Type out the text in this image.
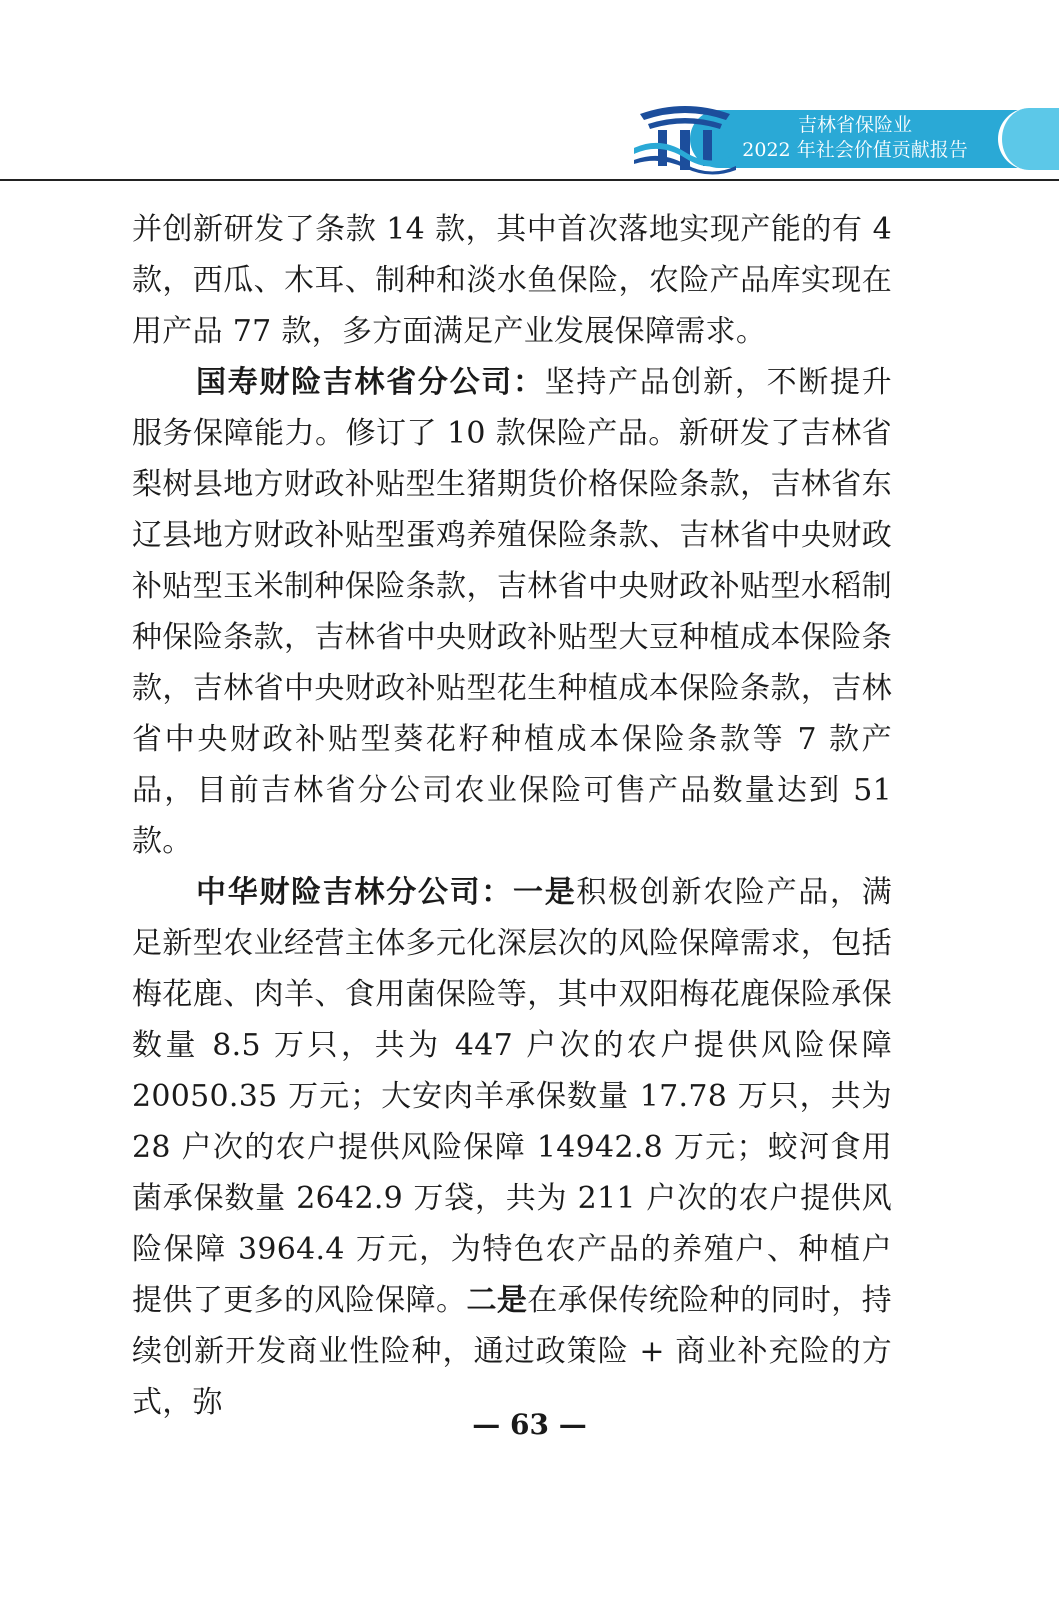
吉林省保险业
2022 年社会价值贡献报告

并创新研发了条款 14 款，其中首次落地实现产能的有 4 款，西瓜、木耳、制种和淡水鱼保险，农险产品库实现在用产品 77 款，多方面满足产业发展保障需求。

国寿财险吉林省分公司：坚持产品创新，不断提升服务保障能力。修订了 10 款保险产品。新研发了吉林省梨树县地方财政补贴型生猪期货价格保险条款，吉林省东辽县地方财政补贴型蛋鸡养殖保险条款、吉林省中央财政补贴型玉米制种保险条款，吉林省中央财政补贴型水稻制种保险条款，吉林省中央财政补贴型大豆种植成本保险条款，吉林省中央财政补贴型花生种植成本保险条款，吉林省中央财政补贴型葵花籽种植成本保险条款等 7 款产品，目前吉林省分公司农业保险可售产品数量达到 51 款。

中华财险吉林分公司：一是积极创新农险产品，满足新型农业经营主体多元化深层次的风险保障需求，包括梅花鹿、肉羊、食用菌保险等，其中双阳梅花鹿保险承保数量 8.5 万只，共为 447 户次的农户提供风险保障 20050.35 万元；大安肉羊承保数量 17.78 万只，共为 28 户次的农户提供风险保障 14942.8 万元；蛟河食用菌承保数量 2642.9 万袋，共为 211 户次的农户提供风险保障 3964.4 万元，为特色农产品的养殖户、种植户提供了更多的风险保障。二是在承保传统险种的同时，持续创新开发商业性险种，通过政策险 + 商业补充险的方式，弥

— 63 —
